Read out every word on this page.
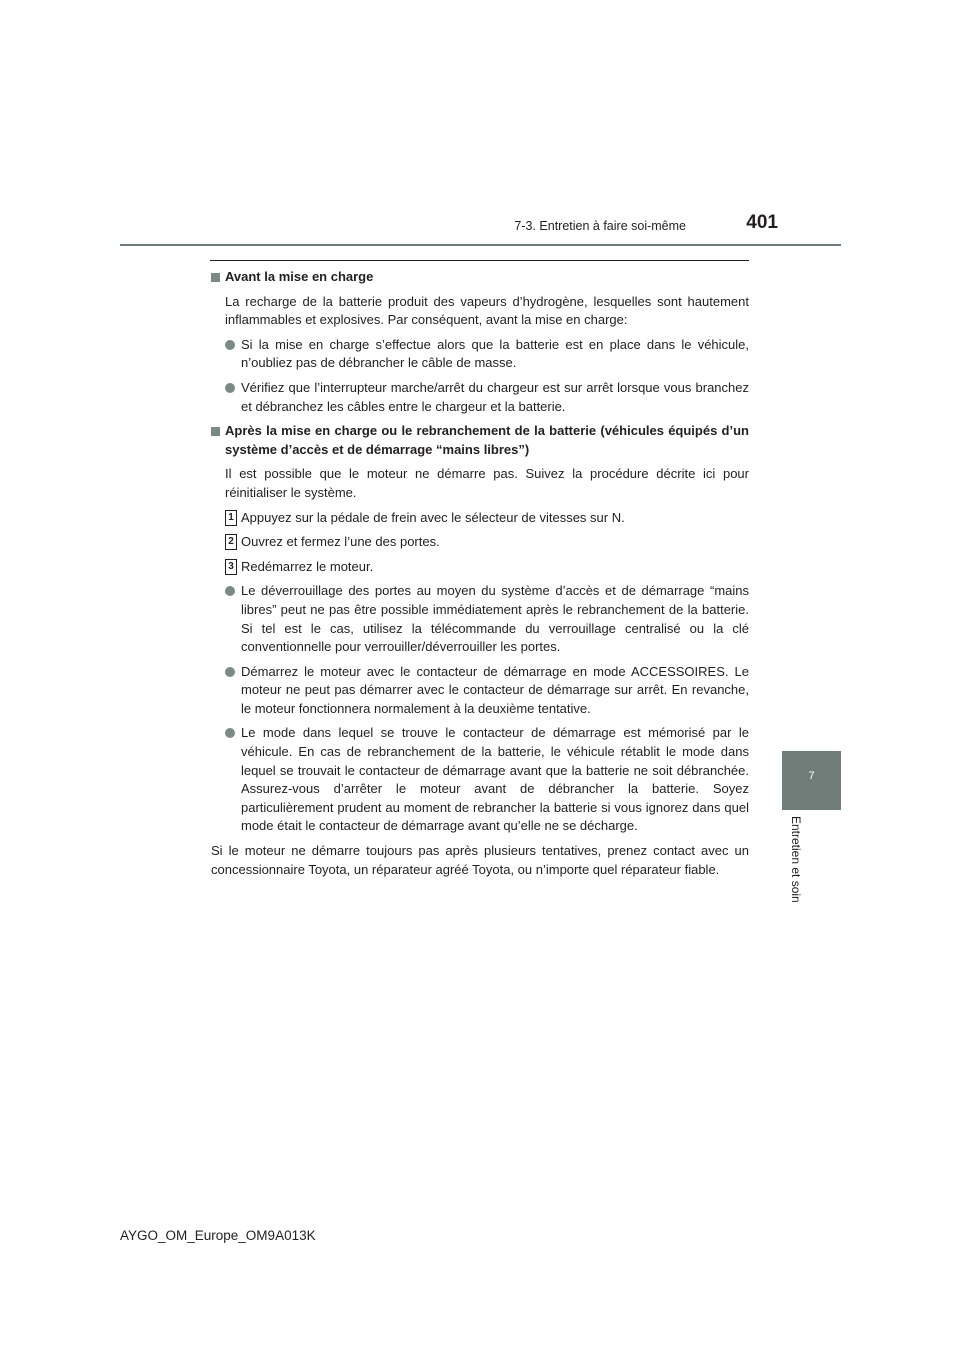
7-3. Entretien à faire soi-même	401
7
Entretien et soin

Avant la mise en charge

La recharge de la batterie produit des vapeurs d’hydrogène, lesquelles sont hautement inflammables et explosives. Par conséquent, avant la mise en charge:

Si la mise en charge s’effectue alors que la batterie est en place dans le véhicule, n’oubliez pas de débrancher le câble de masse.

Vérifiez que l’interrupteur marche/arrêt du chargeur est sur arrêt lorsque vous branchez et débranchez les câbles entre le chargeur et la batterie.

Après la mise en charge ou le rebranchement de la batterie (véhicules équipés d’un système d’accès et de démarrage “mains libres”)

Il est possible que le moteur ne démarre pas. Suivez la procédure décrite ici pour réinitialiser le système.

1 Appuyez sur la pédale de frein avec le sélecteur de vitesses sur N.

2 Ouvrez et fermez l’une des portes.

3 Redémarrez le moteur.

Le déverrouillage des portes au moyen du système d’accès et de démarrage “mains libres” peut ne pas être possible immédiatement après le rebranchement de la batterie. Si tel est le cas, utilisez la télécommande du verrouillage centralisé ou la clé conventionnelle pour verrouiller/déverrouiller les portes.

Démarrez le moteur avec le contacteur de démarrage en mode ACCESSOIRES. Le moteur ne peut pas démarrer avec le contacteur de démarrage sur arrêt. En revanche, le moteur fonctionnera normalement à la deuxième tentative.

Le mode dans lequel se trouve le contacteur de démarrage est mémorisé par le véhicule. En cas de rebranchement de la batterie, le véhicule rétablit le mode dans lequel se trouvait le contacteur de démarrage avant que la batterie ne soit débranchée. Assurez-vous d’arrêter le moteur avant de débrancher la batterie. Soyez particulièrement prudent au moment de rebrancher la batterie si vous ignorez dans quel mode était le contacteur de démarrage avant qu’elle ne se décharge.

Si le moteur ne démarre toujours pas après plusieurs tentatives, prenez contact avec un concessionnaire Toyota, un réparateur agréé Toyota, ou n’importe quel réparateur fiable.

AYGO_OM_Europe_OM9A013K
